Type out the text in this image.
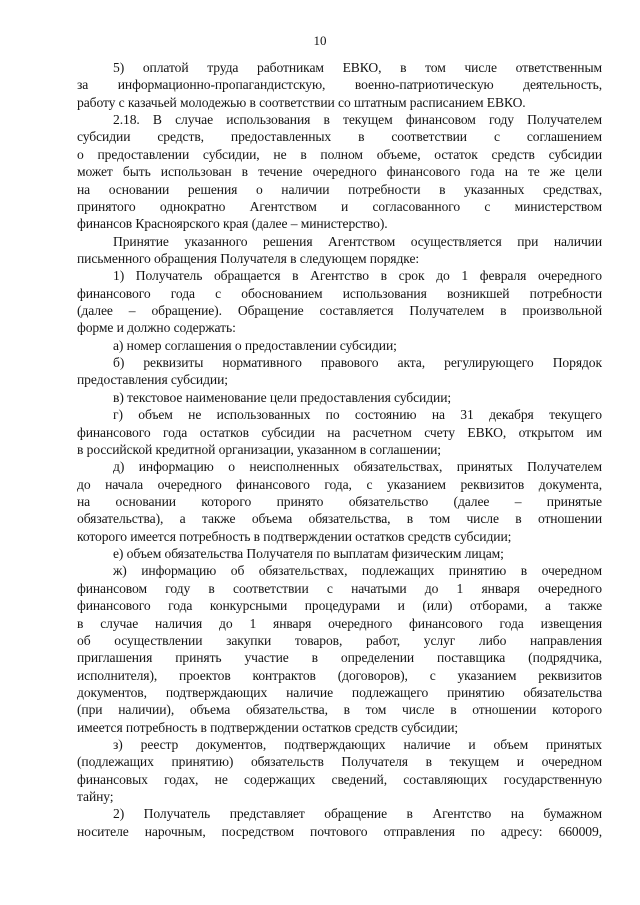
10
5) оплатой труда работникам ЕВКО, в том числе ответственным
за информационно-пропагандистскую, военно-патриотическую деятельность,
работу с казачьей молодежью в соответствии со штатным расписанием ЕВКО.
2.18. В случае использования в текущем финансовом году Получателем
субсидии средств, предоставленных в соответствии с соглашением
о предоставлении субсидии, не в полном объеме, остаток средств субсидии
может быть использован в течение очередного финансового года на те же цели
на основании решения о наличии потребности в указанных средствах,
принятого однократно Агентством и согласованного с министерством
финансов Красноярского края (далее – министерство).
Принятие указанного решения Агентством осуществляется при наличии
письменного обращения Получателя в следующем порядке:
1) Получатель обращается в Агентство в срок до 1 февраля очередного
финансового года с обоснованием использования возникшей потребности
(далее – обращение). Обращение составляется Получателем в произвольной
форме и должно содержать:
а) номер соглашения о предоставлении субсидии;
б) реквизиты нормативного правового акта, регулирующего Порядок
предоставления субсидии;
в) текстовое наименование цели предоставления субсидии;
г) объем не использованных по состоянию на 31 декабря текущего
финансового года остатков субсидии на расчетном счету ЕВКО, открытом им
в российской кредитной организации, указанном в соглашении;
д) информацию о неисполненных обязательствах, принятых Получателем
до начала очередного финансового года, с указанием реквизитов документа,
на основании которого принято обязательство (далее – принятые
обязательства), а также объема обязательства, в том числе в отношении
которого имеется потребность в подтверждении остатков средств субсидии;
е) объем обязательства Получателя по выплатам физическим лицам;
ж) информацию об обязательствах, подлежащих принятию в очередном
финансовом году в соответствии с начатыми до 1 января очередного
финансового года конкурсными процедурами и (или) отборами, а также
в случае наличия до 1 января очередного финансового года извещения
об осуществлении закупки товаров, работ, услуг либо направления
приглашения принять участие в определении поставщика (подрядчика,
исполнителя), проектов контрактов (договоров), с указанием реквизитов
документов, подтверждающих наличие подлежащего принятию обязательства
(при наличии), объема обязательства, в том числе в отношении которого
имеется потребность в подтверждении остатков средств субсидии;
з) реестр документов, подтверждающих наличие и объем принятых
(подлежащих принятию) обязательств Получателя в текущем и очередном
финансовых годах, не содержащих сведений, составляющих государственную
тайну;
2) Получатель представляет обращение в Агентство на бумажном
носителе нарочным, посредством почтового отправления по адресу: 660009,
